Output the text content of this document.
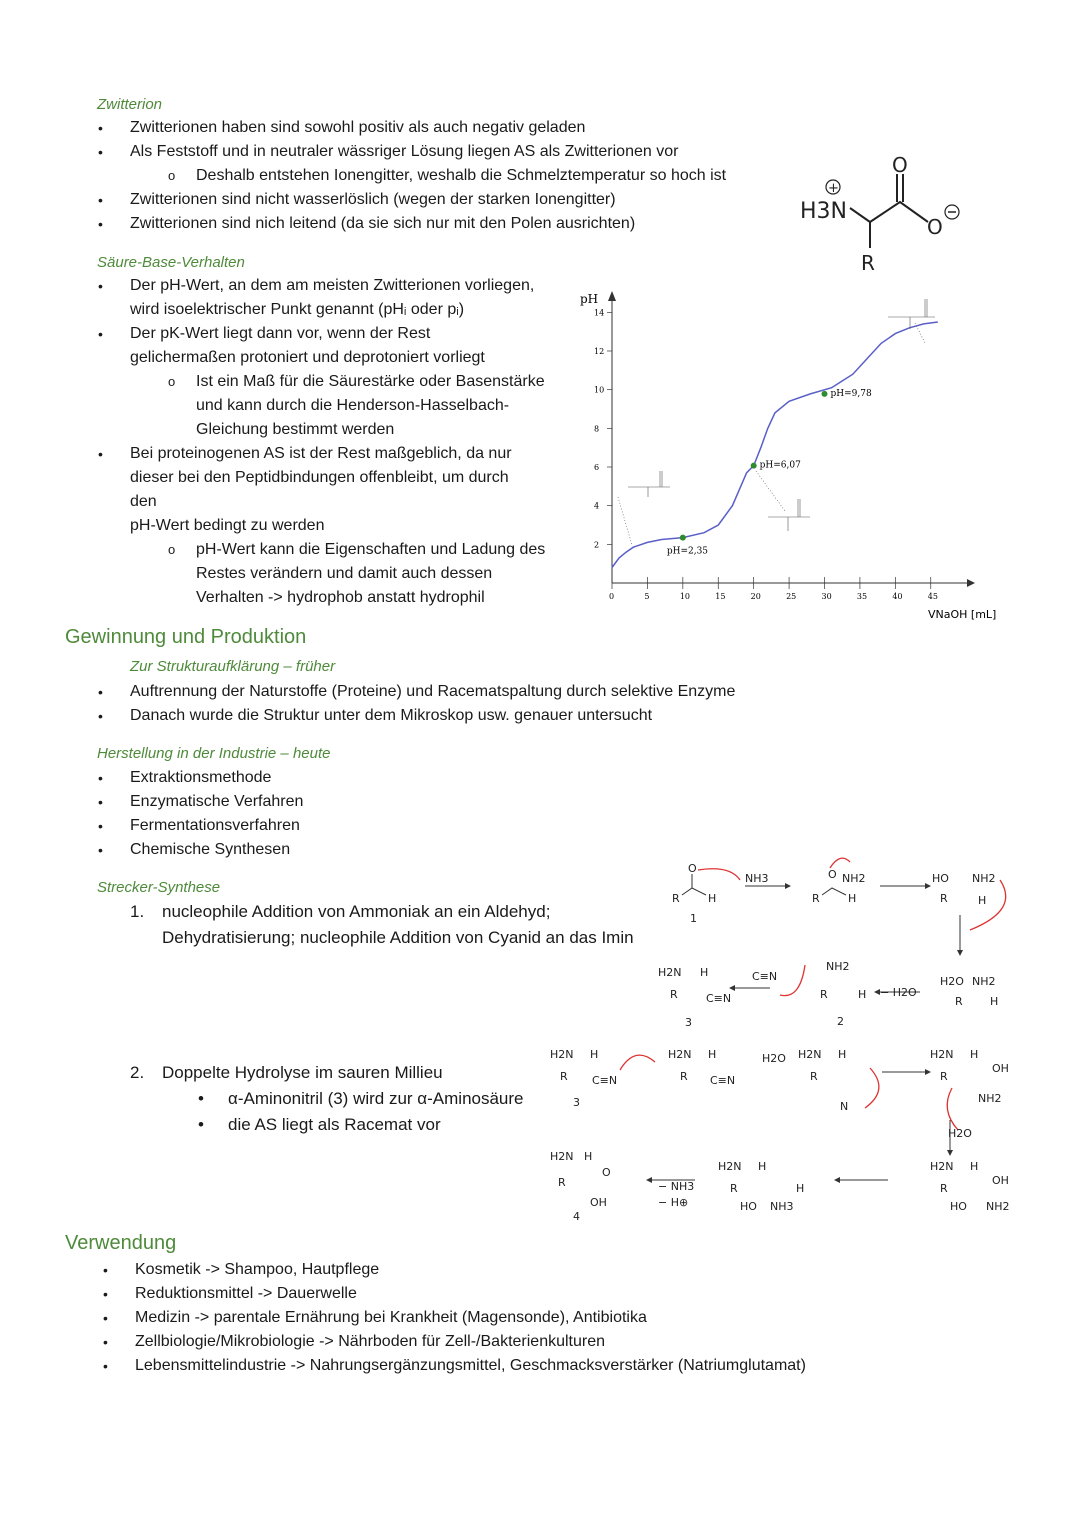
Zwitterion
• Zwitterionen haben sind sowohl positiv als auch negativ geladen
• Als Feststoff und in neutraler wässriger Lösung liegen AS als Zwitterionen vor
o Deshalb entstehen Ionengitter, weshalb die Schmelztemperatur so hoch ist
• Zwitterionen sind nicht wasserlöslich (wegen der starken Ionengitter)
• Zwitterionen sind nich leitend (da sie sich nur mit den Polen ausrichten)	H3N
+
R
O
O
Säure-Base-Verhalten
• Der pH-Wert, an dem am meisten Zwitterionen vorliegen,
wird isoelektrischer Punkt genannt (pHᵢ oder pᵢ)
• Der pK-Wert liegt dann vor, wenn der Rest
gelichermaßen protoniert und deprotoniert vorliegt
o Ist ein Maß für die Säurestärke oder Basenstärke
und kann durch die Henderson-Hasselbach-
Gleichung bestimmt werden
• Bei proteinogenen AS ist der Rest maßgeblich, da nur
dieser bei den Peptidbindungen offenbleibt, um durch
den
pH-Wert bedingt zu werden
o pH-Wert kann die Eigenschaften und Ladung des
Restes verändern und damit auch dessen
Verhalten -> hydrophob anstatt hydrophil	0	5	10	15	20	25	30	35	40	45
2
4
6
8
10
12
14
pH=2,35
pH=6,07
pH=9,78
pH
VNaOH [mL]
Gewinnung und Produktion
Zur Strukturaufklärung – früher
• Auftrennung der Naturstoffe (Proteine) und Racematspaltung durch selektive Enzyme
• Danach wurde die Struktur unter dem Mikroskop usw. genauer untersucht
Herstellung in der Industrie – heute
• Extraktionsmethode
• Enzymatische Verfahren
• Fermentationsverfahren
• Chemische Synthesen
Strecker-Synthese
1. nucleophile Addition von Ammoniak an ein Aldehyd;
Dehydratisierung; nucleophile Addition von Cyanid an das Imin
2. Doppelte Hydrolyse im sauren Millieu
• α-Aminonitril (3) wird zur α-Aminosäure
• die AS liegt als Racemat vor
R
O
H
1
NH3
R
O NH2
H
HO NH2
R	H
H2O NH2
R H
− H2O
NH2
R	H
2
C≡N
H2N H
R	C≡N
3
H2N H
R C≡N
3
H2N H
R C≡N
H2O H2N H
R
N
H2N H
OH
R
NH2
H2O
H2N H
OH
R
HO NH2
H2N H
R
HO NH3
H
− NH3
− H⊕
H2N H
R
O
OH
4
Verwendung
• Kosmetik -> Shampoo, Hautpflege
• Reduktionsmittel -> Dauerwelle
• Medizin -> parentale Ernährung bei Krankheit (Magensonde), Antibiotika
• Zellbiologie/Mikrobiologie -> Nährboden für Zell-/Bakterienkulturen
• Lebensmittelindustrie -> Nahrungsergänzungsmittel, Geschmacksverstärker (Natriumglutamat)
